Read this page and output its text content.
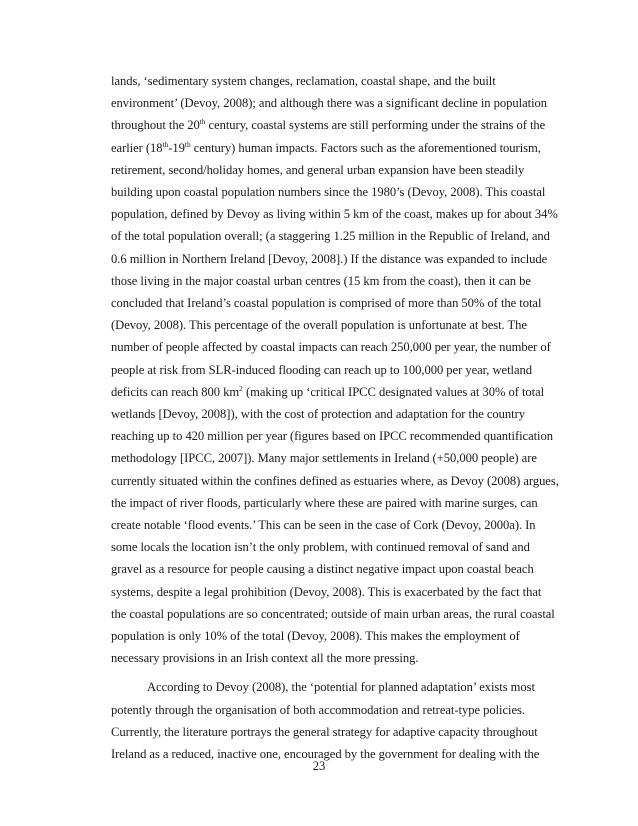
lands, ‘sedimentary system changes, reclamation, coastal shape, and the built
environment’ (Devoy, 2008); and although there was a significant decline in population
throughout the 20th century, coastal systems are still performing under the strains of the
earlier (18th-19th century) human impacts. Factors such as the aforementioned tourism,
retirement, second/holiday homes, and general urban expansion have been steadily
building upon coastal population numbers since the 1980’s (Devoy, 2008). This coastal
population, defined by Devoy as living within 5 km of the coast, makes up for about 34%
of the total population overall; (a staggering 1.25 million in the Republic of Ireland, and
0.6 million in Northern Ireland [Devoy, 2008].) If the distance was expanded to include
those living in the major coastal urban centres (15 km from the coast), then it can be
concluded that Ireland’s coastal population is comprised of more than 50% of the total
(Devoy, 2008). This percentage of the overall population is unfortunate at best. The
number of people affected by coastal impacts can reach 250,000 per year, the number of
people at risk from SLR-induced flooding can reach up to 100,000 per year, wetland
deficits can reach 800 $km^2$ (making up ‘critical IPCC designated values at 30% of total
wetlands [Devoy, 2008]), with the cost of protection and adaptation for the country
reaching up to 420 million per year (figures based on IPCC recommended quantification
methodology [IPCC, 2007]). Many major settlements in Ireland (+50,000 people) are
currently situated within the confines defined as estuaries where, as Devoy (2008) argues,
the impact of river floods, particularly where these are paired with marine surges, can
create notable ‘flood events.’ This can be seen in the case of Cork (Devoy, 2000a). In
some locals the location isn’t the only problem, with continued removal of sand and
gravel as a resource for people causing a distinct negative impact upon coastal beach
systems, despite a legal prohibition (Devoy, 2008). This is exacerbated by the fact that
the coastal populations are so concentrated; outside of main urban areas, the rural coastal
population is only 10% of the total (Devoy, 2008). This makes the employment of
necessary provisions in an Irish context all the more pressing.
According to Devoy (2008), the ‘potential for planned adaptation’ exists most
potently through the organisation of both accommodation and retreat-type policies.
Currently, the literature portrays the general strategy for adaptive capacity throughout
Ireland as a reduced, inactive one, encouraged by the government for dealing with the
23
